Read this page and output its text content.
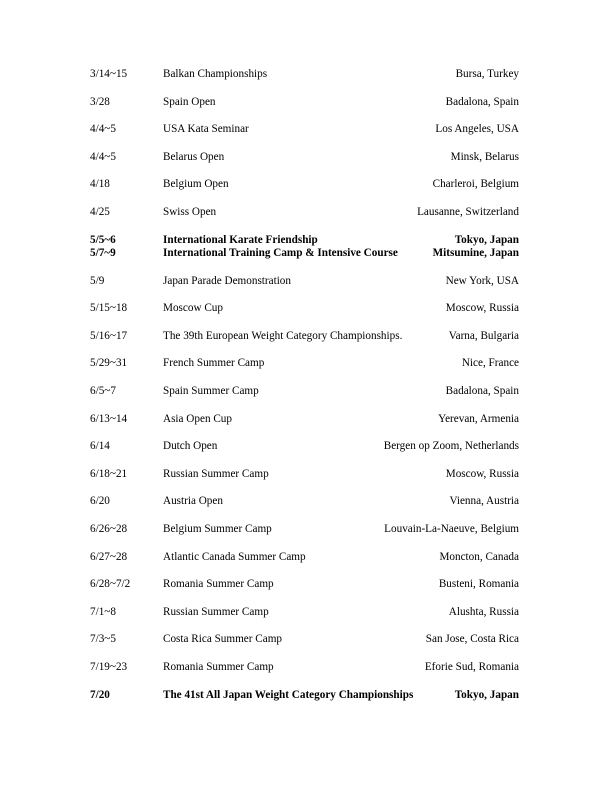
3/14~15	Balkan Championships	Bursa, Turkey
3/28	Spain Open	Badalona, Spain
4/4~5	USA Kata Seminar	Los Angeles, USA
4/4~5	Belarus Open	Minsk, Belarus
4/18	Belgium Open	Charleroi, Belgium
4/25	Swiss Open	Lausanne, Switzerland
5/5~6	International Karate Friendship	Tokyo, Japan
5/7~9	International Training Camp & Intensive Course	Mitsumine, Japan
5/9	Japan Parade Demonstration	New York, USA
5/15~18	Moscow Cup	Moscow, Russia
5/16~17	The 39th European Weight Category Championships.	Varna, Bulgaria
5/29~31	French Summer Camp	Nice, France
6/5~7	Spain Summer Camp	Badalona, Spain
6/13~14	Asia Open Cup	Yerevan, Armenia
6/14	Dutch Open	Bergen op Zoom, Netherlands
6/18~21	Russian Summer Camp	Moscow, Russia
6/20	Austria Open	Vienna, Austria
6/26~28	Belgium Summer Camp	Louvain-La-Naeuve, Belgium
6/27~28	Atlantic Canada Summer Camp	Moncton, Canada
6/28~7/2	Romania Summer Camp	Busteni, Romania
7/1~8	Russian Summer Camp	Alushta, Russia
7/3~5	Costa Rica Summer Camp	San Jose, Costa Rica
7/19~23	Romania Summer Camp	Eforie Sud, Romania
7/20	The 41st All Japan Weight Category Championships	Tokyo, Japan
